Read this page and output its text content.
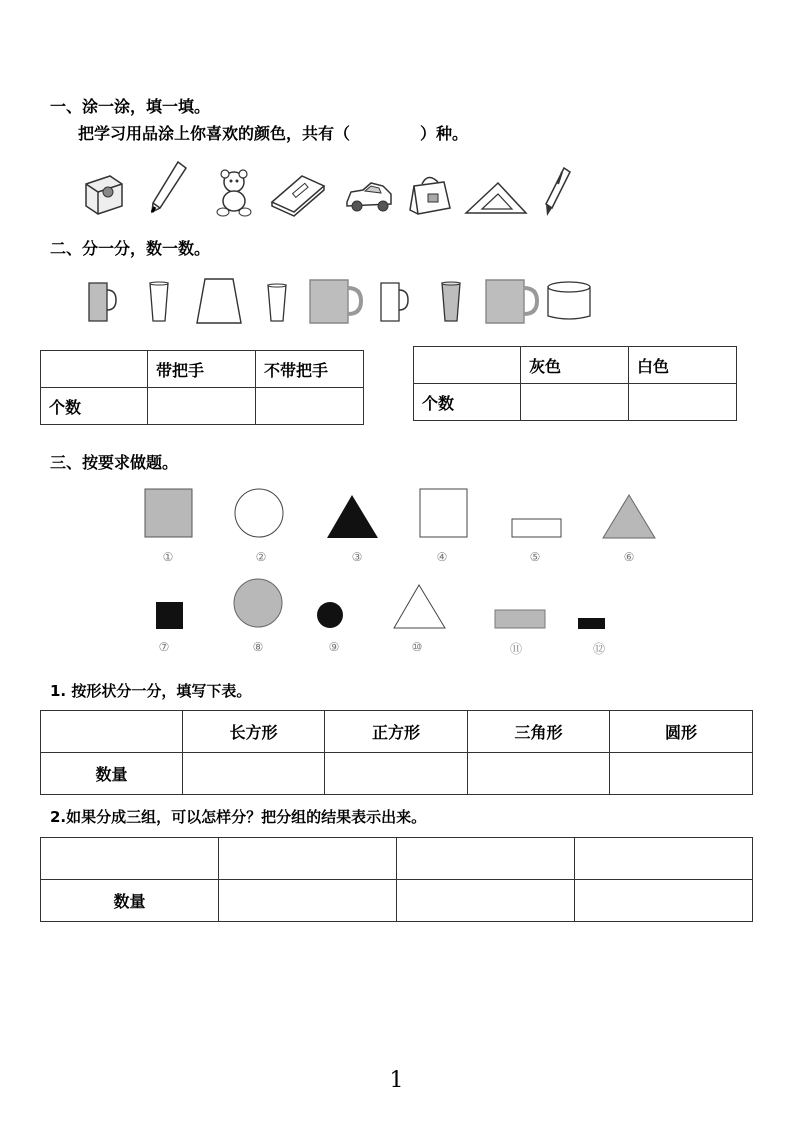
一、涂一涂，填一填。
把学习用品涂上你喜欢的颜色，共有（	）种。
二、分一分，数一数。
	带把手	不带把手
个数		
	灰色	白色
个数		
三、按要求做题。
①	②	③	④	⑤	⑥
⑦	⑧	⑨	⑩	⑪	⑫
1. 按形状分一分，填写下表。
	长方形	正方形	三角形	圆形
数量				
2.如果分成三组，可以怎样分？把分组的结果表示出来。

数量			
1
